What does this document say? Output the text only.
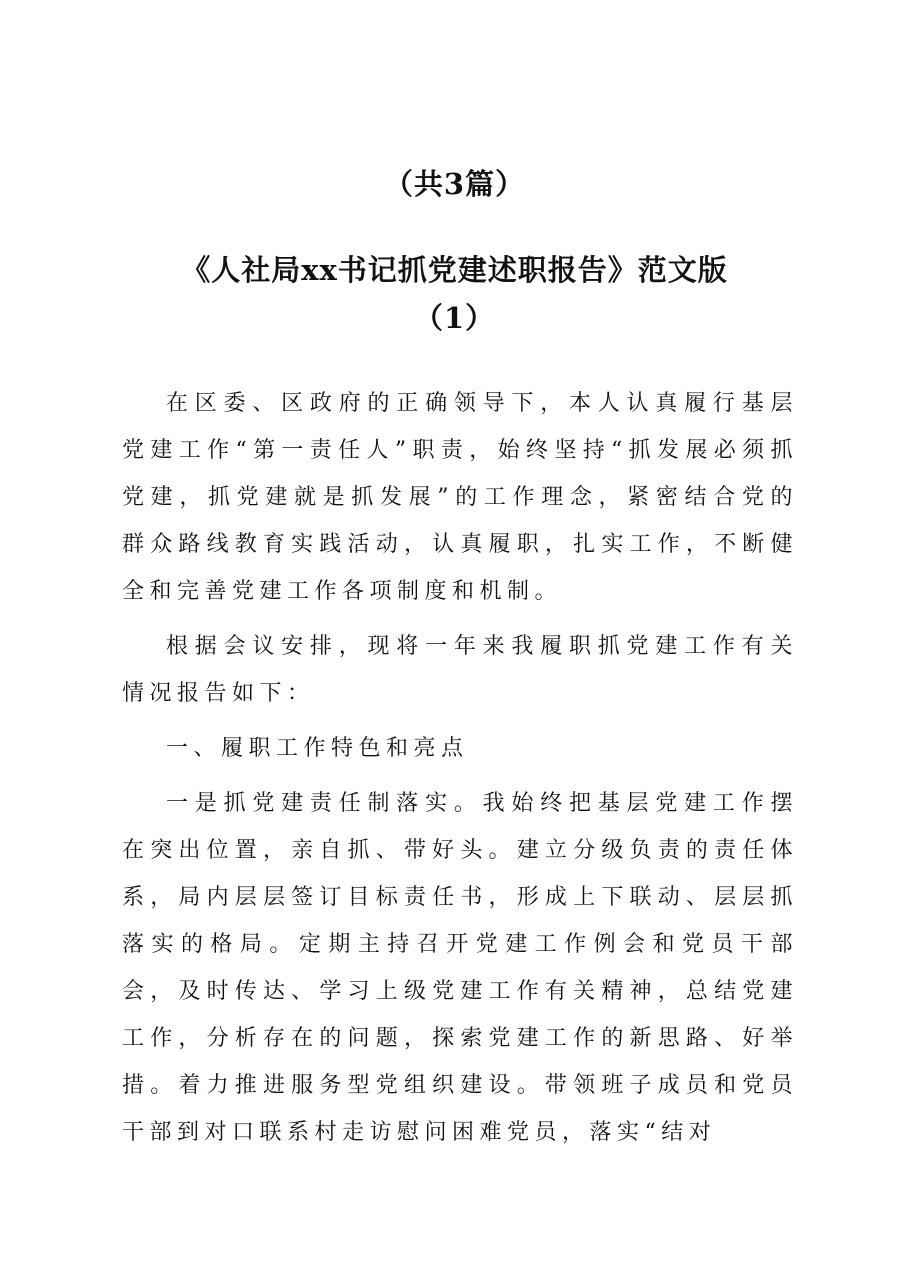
（共3篇）
《人社局xx书记抓党建述职报告》范文版
（1）

在区委、区政府的正确领导下，本人认真履行基层党建工作“第一责任人”职责，始终坚持“抓发展必须抓党建，抓党建就是抓发展”的工作理念，紧密结合党的群众路线教育实践活动，认真履职，扎实工作，不断健全和完善党建工作各项制度和机制。

根据会议安排，现将一年来我履职抓党建工作有关情况报告如下：

一、履职工作特色和亮点

一是抓党建责任制落实。我始终把基层党建工作摆在突出位置，亲自抓、带好头。建立分级负责的责任体系，局内层层签订目标责任书，形成上下联动、层层抓落实的格局。定期主持召开党建工作例会和党员干部会，及时传达、学习上级党建工作有关精神，总结党建工作，分析存在的问题，探索党建工作的新思路、好举措。着力推进服务型党组织建设。带领班子成员和党员干部到对口联系村走访慰问困难党员，落实“结对
